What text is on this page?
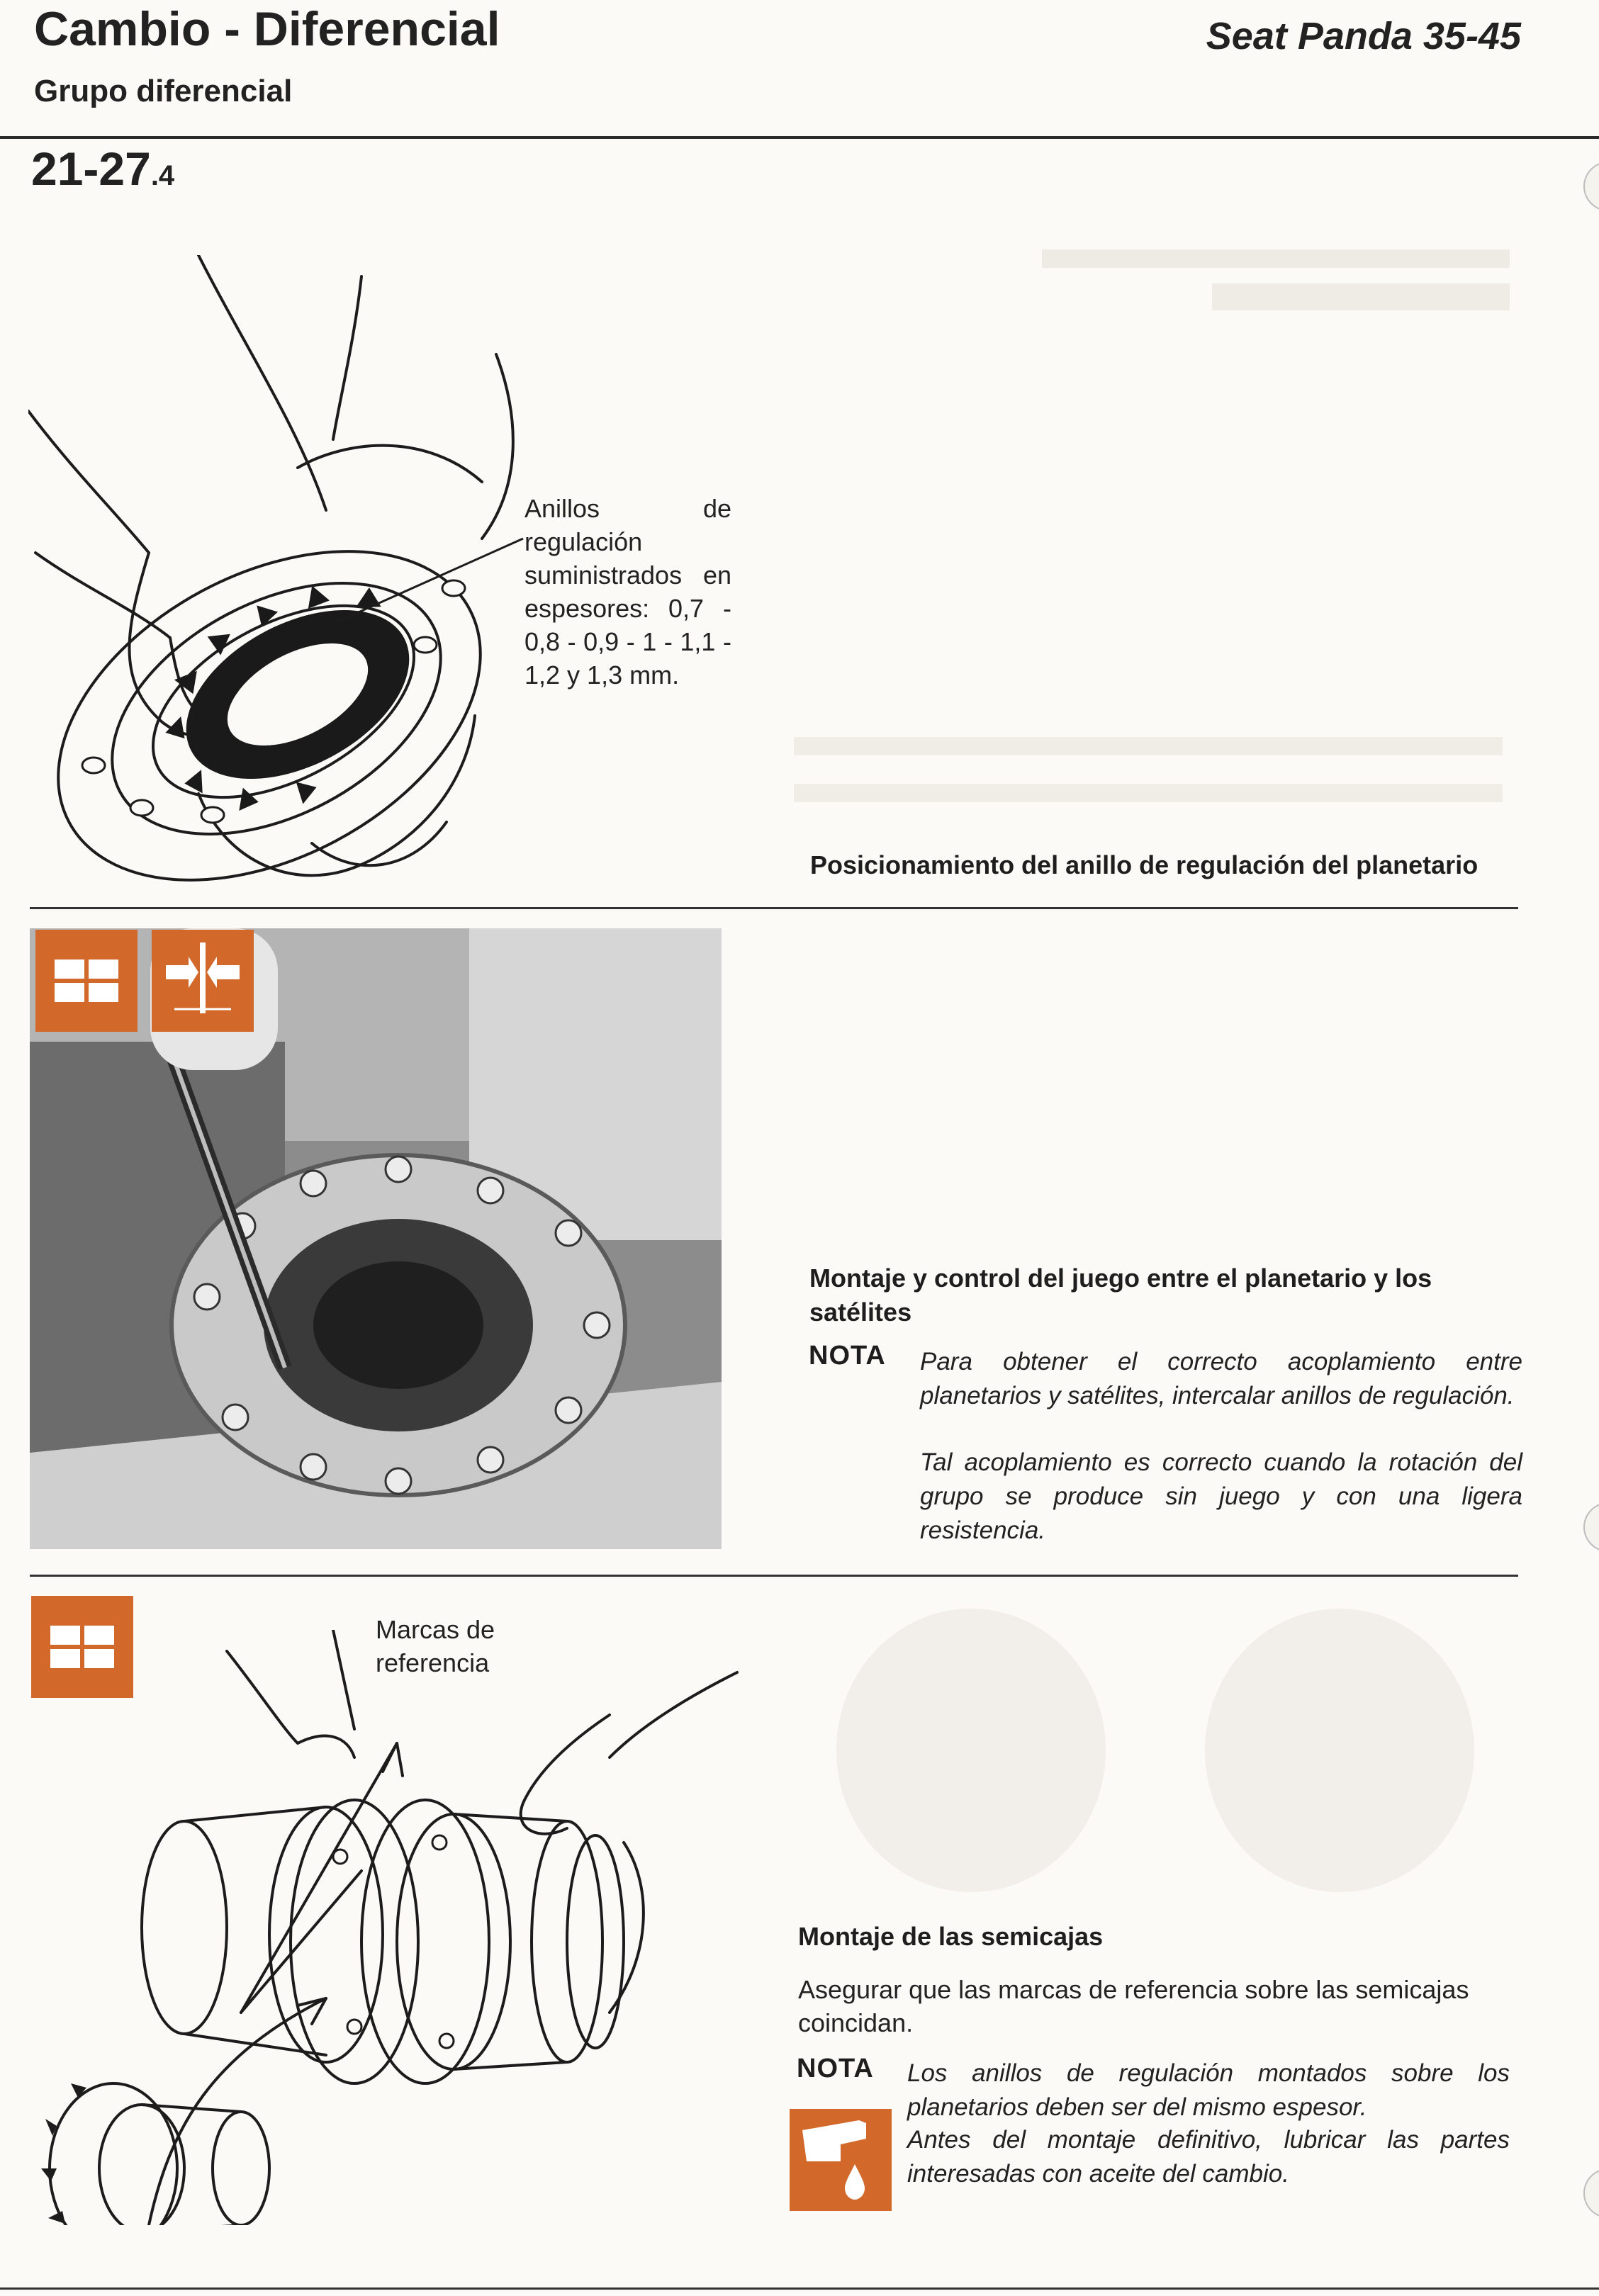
Cambio - Diferencial
Grupo diferencial
Seat Panda 35-45
21-27.4
Anillos de regulación suministrados en espesores: 0,7 - 0,8 - 0,9 - 1 - 1,1 - 1,2 y 1,3 mm.
Posicionamiento del anillo de regulación del planetario
Montaje y control del juego entre el planetario y los satélites
NOTA Para obtener el correcto acoplamiento entre planetarios y satélites, intercalar anillos de regulación.
Tal acoplamiento es correcto cuando la rotación del grupo se produce sin juego y con una ligera resistencia.
Marcas de referencia
Montaje de las semicajas
Asegurar que las marcas de referencia sobre las semicajas coincidan.
NOTA Los anillos de regulación montados sobre los planetarios deben ser del mismo espesor.
Antes del montaje definitivo, lubricar las partes interesadas con aceite del cambio.
